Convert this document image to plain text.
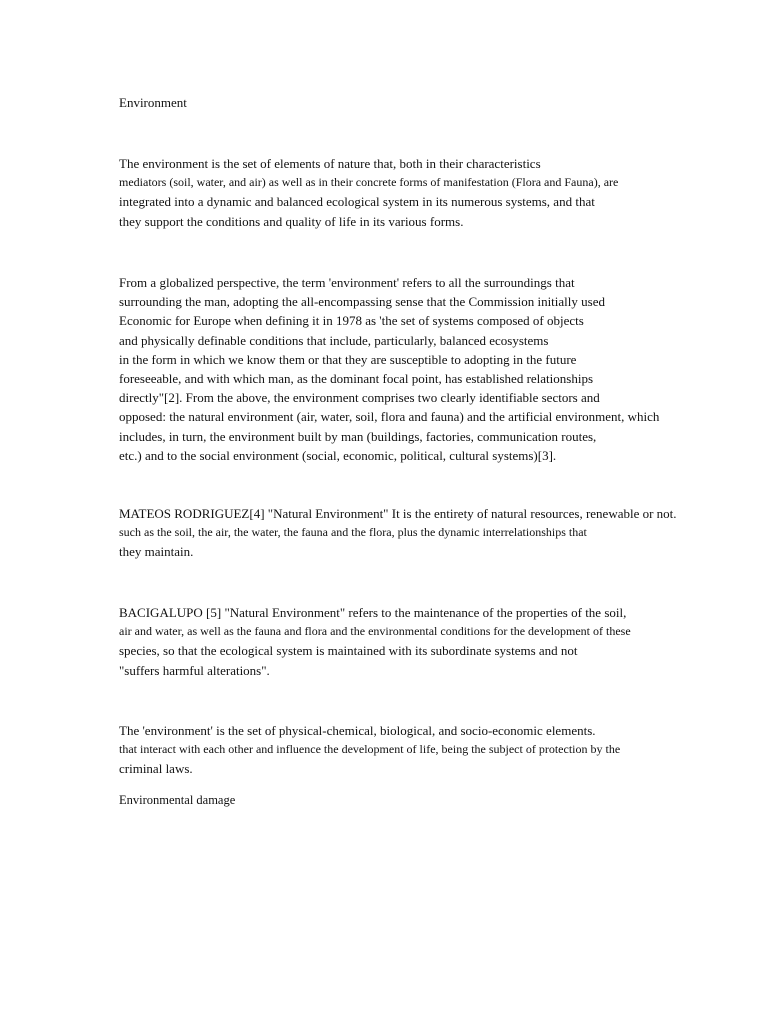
Environment
The environment is the set of elements of nature that, both in their characteristics
mediators (soil, water, and air) as well as in their concrete forms of manifestation (Flora and Fauna), are
integrated into a dynamic and balanced ecological system in its numerous systems, and that
they support the conditions and quality of life in its various forms.
From a globalized perspective, the term 'environment' refers to all the surroundings that
surrounding the man, adopting the all-encompassing sense that the Commission initially used
Economic for Europe when defining it in 1978 as 'the set of systems composed of objects
and physically definable conditions that include, particularly, balanced ecosystems
in the form in which we know them or that they are susceptible to adopting in the future
foreseeable, and with which man, as the dominant focal point, has established relationships
directly"[2]. From the above, the environment comprises two clearly identifiable sectors and
opposed: the natural environment (air, water, soil, flora and fauna) and the artificial environment, which
includes, in turn, the environment built by man (buildings, factories, communication routes,
etc.) and to the social environment (social, economic, political, cultural systems)[3].
MATEOS RODRIGUEZ[4] "Natural Environment" It is the entirety of natural resources, renewable or not.
such as the soil, the air, the water, the fauna and the flora, plus the dynamic interrelationships that
they maintain.
BACIGALUPO [5] "Natural Environment" refers to the maintenance of the properties of the soil,
air and water, as well as the fauna and flora and the environmental conditions for the development of these
species, so that the ecological system is maintained with its subordinate systems and not
"suffers harmful alterations".
The 'environment' is the set of physical-chemical, biological, and socio-economic elements.
that interact with each other and influence the development of life, being the subject of protection by the
criminal laws.
Environmental damage
